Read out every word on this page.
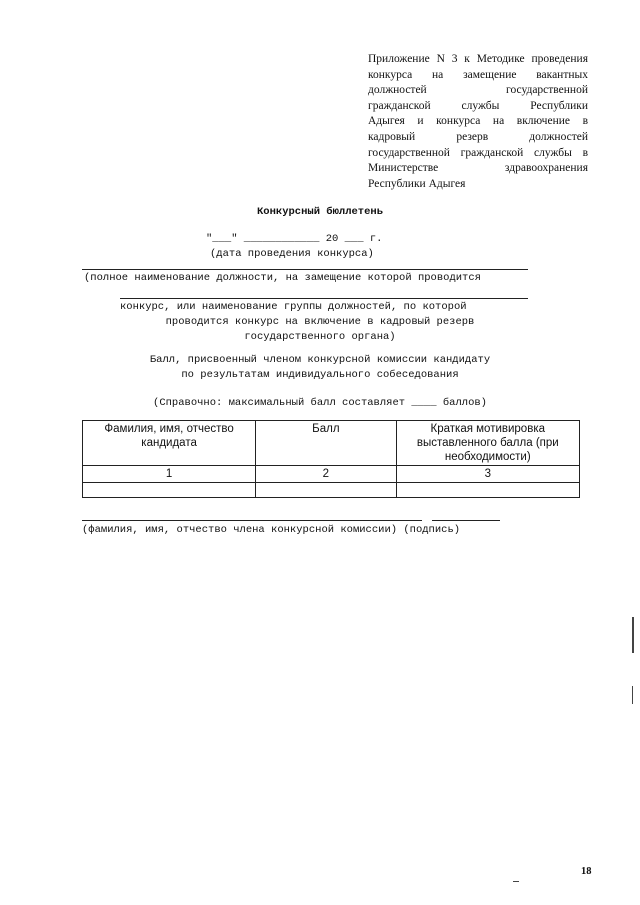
Приложение N 3 к Методике проведения
конкурса на замещение вакантных
должностей государственной
гражданской службы Республики
Адыгея и конкурса на включение в
кадровый резерв должностей
государственной гражданской службы в
Министерстве здравоохранения
Республики Адыгея
Конкурсный бюллетень
"___" ____________ 20 ___ г.
(дата проведения конкурса)
(полное наименование должности, на замещение которой проводится
конкурс, или наименование группы должностей, по которой
проводится конкурс на включение в кадровый резерв
государственного органа)
Балл, присвоенный членом конкурсной комиссии кандидату
по результатам индивидуального собеседования
(Справочно: максимальный балл составляет ____ баллов)
Фамилия, имя, отчество кандидата	Балл	Краткая мотивировка выставленного балла (при необходимости)
1	2	3

(фамилия, имя, отчество члена конкурсной комиссии) (подпись)
18
